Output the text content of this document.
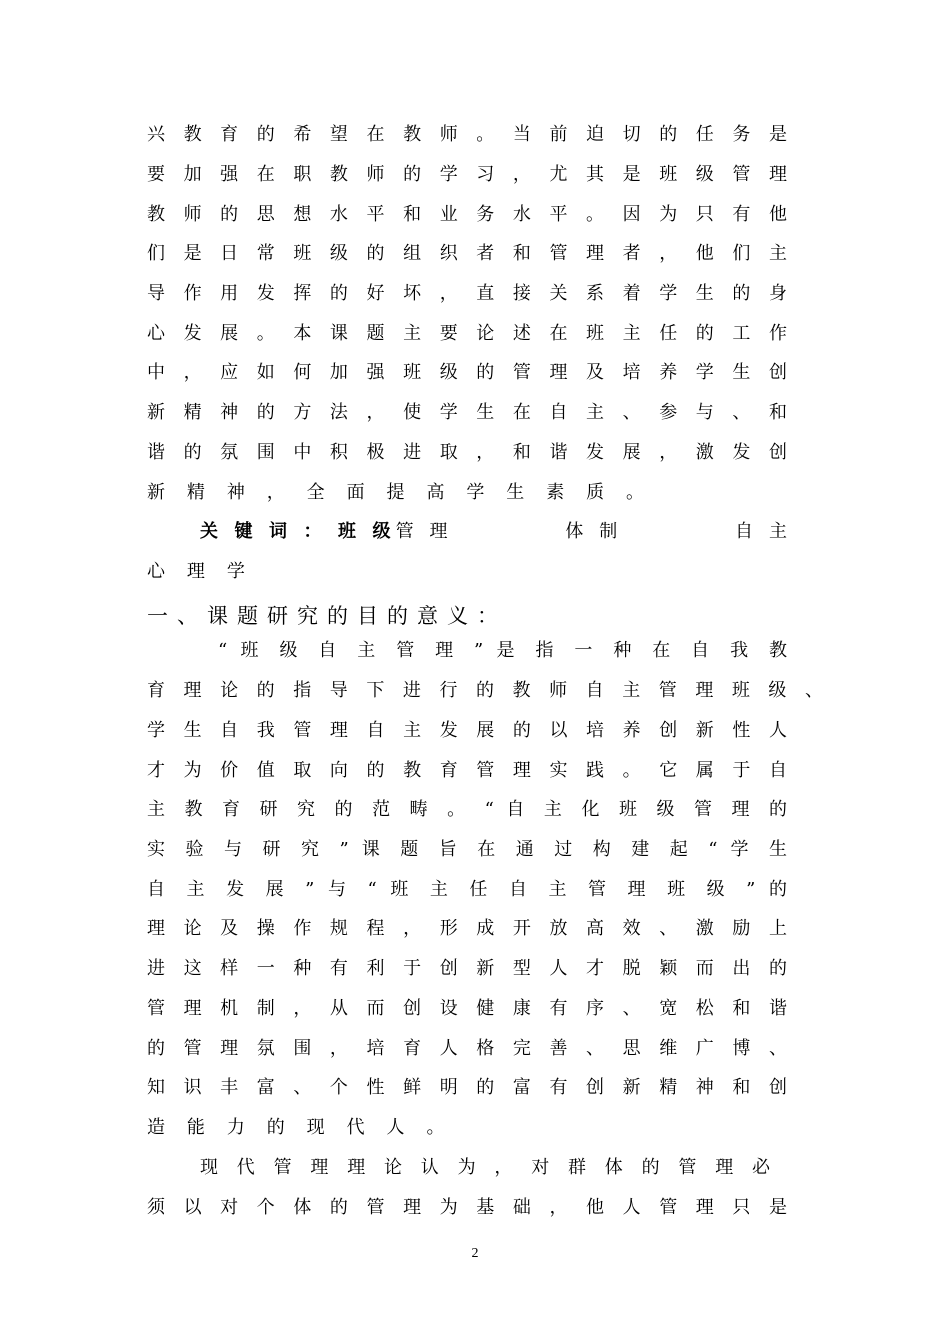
兴 教 育 的 希 望 在 教 师 。 当 前 迫 切 的 任 务 是
要 加 强 在 职 教 师 的 学 习 ， 尤 其 是 班 级 管 理
教 师 的 思 想 水 平 和 业 务 水 平 。 因 为 只 有 他
们 是 日 常 班 级 的 组 织 者 和 管 理 者 ， 他 们 主
导 作 用 发 挥 的 好 坏 ， 直 接 关 系 着 学 生 的 身
心 发 展 。 本 课 题 主 要 论 述 在 班 主 任 的 工 作
中 ， 应 如 何 加 强 班 级 的 管 理 及 培 养 学 生 创
新 精 神 的 方 法 ， 使 学 生 在 自 主 、 参 与 、 和
谐 的 氛 围 中 积 极 进 取 ， 和 谐 发 展 ， 激 发 创
新 精 神 ， 全 面 提 高 学 生 素 质 。
关 键 词 ： 班 级管 理 　 　 　 体 制 　 　 　 自 主
心 理 学
一、课题研究的目的意义：
“ 班 级 自 主 管 理 ” 是 指 一 种 在 自 我 教
育 理 论 的 指 导 下 进 行 的 教 师 自 主 管 理 班 级 、
学 生 自 我 管 理 自 主 发 展 的 以 培 养 创 新 性 人
才 为 价 值 取 向 的 教 育 管 理 实 践 。 它 属 于 自
主 教 育 研 究 的 范 畴 。 “ 自 主 化 班 级 管 理 的
实 验 与 研 究 ” 课 题 旨 在 通 过 构 建 起 “ 学 生
自 主 发 展 ” 与 “ 班 主 任 自 主 管 理 班 级 ” 的
理 论 及 操 作 规 程 ， 形 成 开 放 高 效 、 激 励 上
进 这 样 一 种 有 利 于 创 新 型 人 才 脱 颖 而 出 的
管 理 机 制 ， 从 而 创 设 健 康 有 序 、 宽 松 和 谐
的 管 理 氛 围 ， 培 育 人 格 完 善 、 思 维 广 博 、
知 识 丰 富 、 个 性 鲜 明 的 富 有 创 新 精 神 和 创
造 能 力 的 现 代 人 。
现 代 管 理 理 论 认 为 ， 对 群 体 的 管 理 必
须 以 对 个 体 的 管 理 为 基 础 ， 他 人 管 理 只 是
2
